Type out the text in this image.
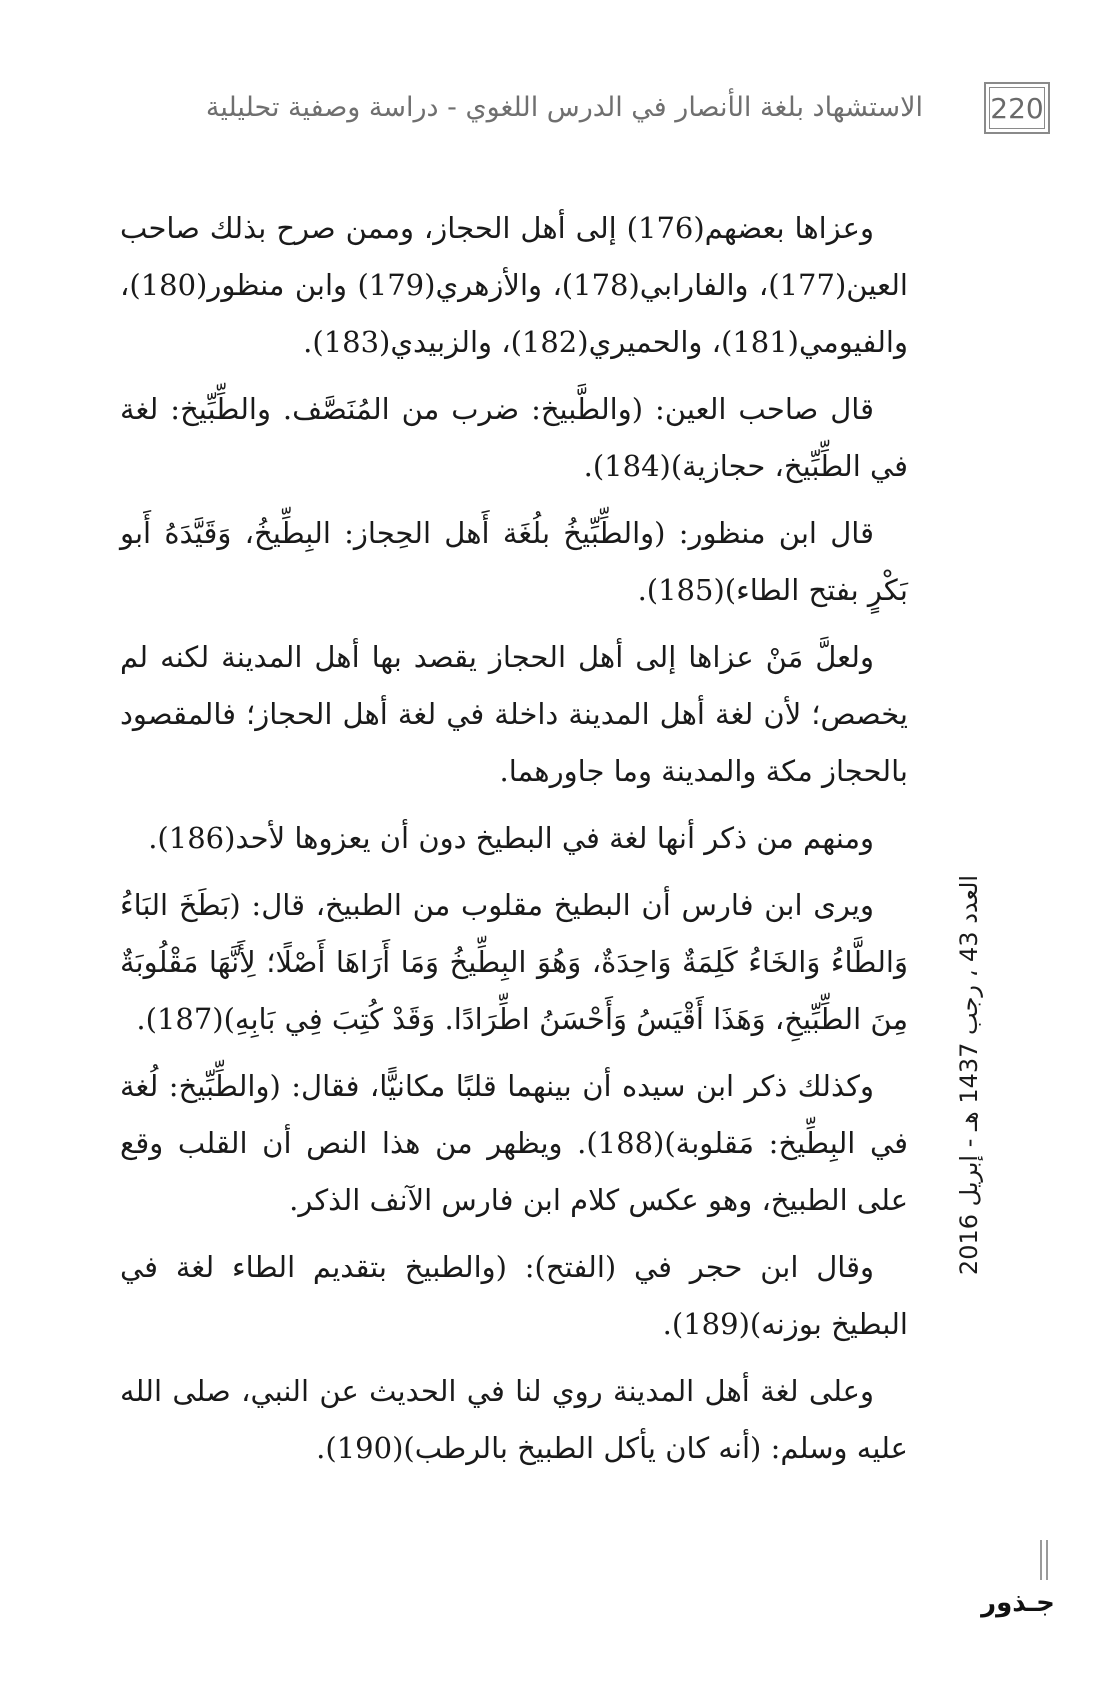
الاستشهاد بلغة الأنصار في الدرس اللغوي - دراسة وصفية تحليلية 220

وعزاها بعضهم(176) إلى أهل الحجاز، وممن صرح بذلك صاحب العين(177)، والفارابي(178)، والأزهري(179) وابن منظور(180)، والفيومي(181)، والحميري(182)، والزبيدي(183).

قال صاحب العين: (والطَّبيخ: ضرب من المُنَصَّف. والطِّبِّيخ: لغة في الطِّبِّيخ، حجازية)(184).

قال ابن منظور: (والطِّبِّيخُ بلُغَة أَهل الحِجاز: البِطِّيخُ، وَقَيَّدَهُ أَبو بَكْرٍ بفتح الطاء)(185).

ولعلَّ مَنْ عزاها إلى أهل الحجاز يقصد بها أهل المدينة لكنه لم يخصص؛ لأن لغة أهل المدينة داخلة في لغة أهل الحجاز؛ فالمقصود بالحجاز مكة والمدينة وما جاورهما.

ومنهم من ذكر أنها لغة في البطيخ دون أن يعزوها لأحد(186).

ويرى ابن فارس أن البطيخ مقلوب من الطبيخ، قال: (بَطَخَ البَاءُ وَالطَّاءُ وَالخَاءُ كَلِمَةٌ وَاحِدَةٌ، وَهُوَ البِطِّيخُ وَمَا أَرَاهَا أَصْلًا؛ لِأَنَّهَا مَقْلُوبَةٌ مِنَ الطِّبِّيخِ، وَهَذَا أَقْيَسُ وَأَحْسَنُ اطِّرَادًا. وَقَدْ كُتِبَ فِي بَابِهِ)(187).

وكذلك ذكر ابن سيده أن بينهما قلبًا مكانيًّا، فقال: (والطِّبِّيخ: لُغة في البِطِّيخ: مَقلوبة)(188). ويظهر من هذا النص أن القلب وقع على الطبيخ، وهو عكس كلام ابن فارس الآنف الذكر.

وقال ابن حجر في (الفتح): (والطبيخ بتقديم الطاء لغة في البطيخ بوزنه)(189).

وعلى لغة أهل المدينة روي لنا في الحديث عن النبي، صلى الله عليه وسلم: (أنه كان يأكل الطبيخ بالرطب)(190).

العدد 43 ، رجب 1437 هـ - إبريل 2016
جـذور
